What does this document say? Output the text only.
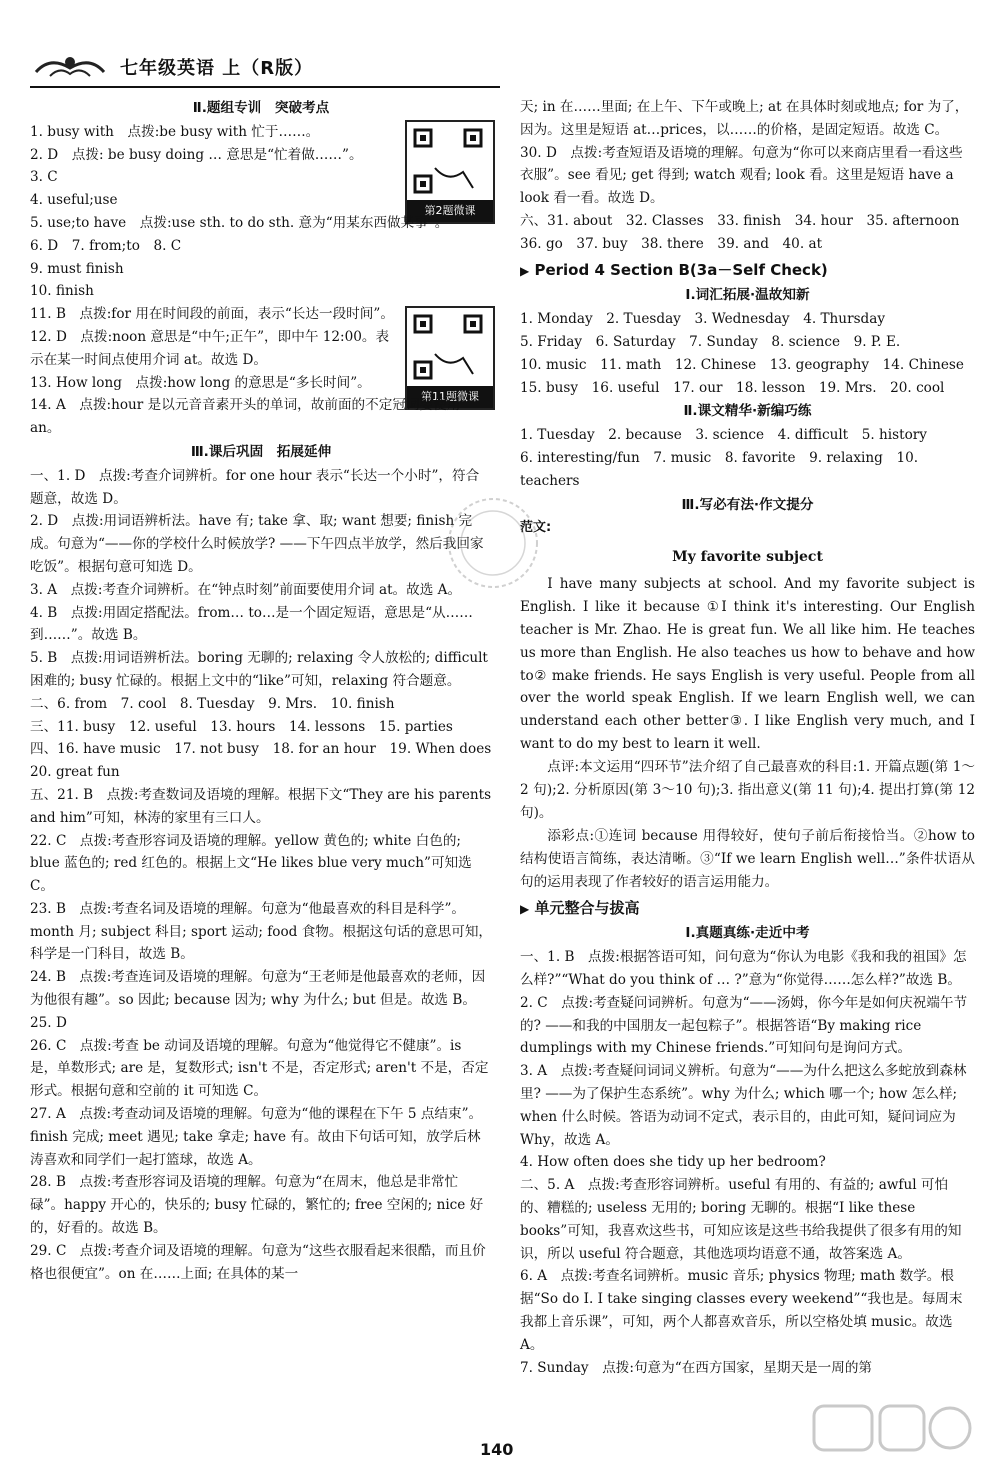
七年级英语 上（R版）
第2题微课
第11题微课
Ⅱ.题组专训　突破考点

1. busy with　点拨:be busy with 忙于……。

2. D　点拨: be busy doing … 意思是“忙着做……”。

3. C

4. useful;use

5. use;to have　点拨:use sth. to do sth. 意为“用某东西做某事”。

6. D　7. from;to　8. C

9. must finish

10. finish

11. B　点拨:for 用在时间段的前面，表示“长达一段时间”。

12. D　点拨:noon 意思是“中午;正午”，即中午 12:00。表示在某一时间点使用介词 at。故选 D。

13. How long　点拨:how long 的意思是“多长时间”。

14. A　点拨:hour 是以元音音素开头的单词，故前面的不定冠词要使用 an。

Ⅲ.课后巩固　拓展延伸

一、1. D　点拨:考查介词辨析。for one hour 表示“长达一个小时”，符合题意，故选 D。

2. D　点拨:用词语辨析法。have 有; take 拿、取; want 想要; finish 完成。句意为“——你的学校什么时候放学? ——下午四点半放学，然后我回家吃饭”。根据句意可知选 D。

3. A　点拨:考查介词辨析。在“钟点时刻”前面要使用介词 at。故选 A。

4. B　点拨:用固定搭配法。from… to…是一个固定短语，意思是“从……到……”。故选 B。

5. B　点拨:用词语辨析法。boring 无聊的; relaxing 令人放松的; difficult 困难的; busy 忙碌的。根据上文中的“like”可知，relaxing 符合题意。

二、6. from　7. cool　8. Tuesday　9. Mrs.　10. finish

三、11. busy　12. useful　13. hours　14. lessons　15. parties

四、16. have music　17. not busy　18. for an hour　19. When does 20. great fun

五、21. B　点拨:考查数词及语境的理解。根据下文“They are his parents and him”可知，林涛的家里有三口人。

22. C　点拨:考查形容词及语境的理解。yellow 黄色的; white 白色的; blue 蓝色的; red 红色的。根据上文“He likes blue very much”可知选 C。

23. B　点拨:考查名词及语境的理解。句意为“他最喜欢的科目是科学”。month 月; subject 科目; sport 运动; food 食物。根据这句话的意思可知，科学是一门科目，故选 B。

24. B　点拨:考查连词及语境的理解。句意为“王老师是他最喜欢的老师，因为他很有趣”。so 因此; because 因为; why 为什么; but 但是。故选 B。

25. D

26. C　点拨:考查 be 动词及语境的理解。句意为“他觉得它不健康”。is 是，单数形式; are 是，复数形式; isn't 不是，否定形式; aren't 不是，否定形式。根据句意和空前的 it 可知选 C。

27. A　点拨:考查动词及语境的理解。句意为“他的课程在下午 5 点结束”。finish 完成; meet 遇见; take 拿走; have 有。故由下句话可知，放学后林涛喜欢和同学们一起打篮球，故选 A。

28. B　点拨:考查形容词及语境的理解。句意为“在周末，他总是非常忙碌”。happy 开心的，快乐的; busy 忙碌的，繁忙的; free 空闲的; nice 好的，好看的。故选 B。

29. C　点拨:考查介词及语境的理解。句意为“这些衣服看起来很酷，而且价格也很便宜”。on 在……上面; 在具体的某一

天; in 在……里面; 在上午、下午或晚上; at 在具体时刻或地点; for 为了，因为。这里是短语 at…prices，以……的价格，是固定短语。故选 C。

30. D　点拨:考查短语及语境的理解。句意为“你可以来商店里看一看这些衣服”。see 看见; get 得到; watch 观看; look 看。这里是短语 have a look 看一看。故选 D。

六、31. about　32. Classes　33. finish　34. hour　35. afternoon

36. go　37. buy　38. there　39. and　40. at

▶ Period 4 Section B(3a－Self Check)
Ⅰ.词汇拓展·温故知新

1. Monday　2. Tuesday　3. Wednesday　4. Thursday

5. Friday　6. Saturday　7. Sunday　8. science　9. P. E.

10. music　11. math　12. Chinese　13. geography　14. Chinese

15. busy　16. useful　17. our　18. lesson　19. Mrs.　20. cool

Ⅱ.课文精华·新编巧练

1. Tuesday　2. because　3. science　4. difficult　5. history

6. interesting/fun　7. music　8. favorite　9. relaxing　10. teachers

Ⅲ.写必有法·作文提分

范文:

My favorite subject

I have many subjects at school. And my favorite subject is English. I like it because ①I think it's interesting. Our English teacher is Mr. Zhao. He is great fun. We all like him. He teaches us more than English. He also teaches us how to behave and how to② make friends. He says English is very useful. People from all over the world speak English. If we learn English well, we can understand each other better③. I like English very much, and I want to do my best to learn it well.

点评:本文运用“四环节”法介绍了自己最喜欢的科目:1. 开篇点题(第 1～2 句);2. 分析原因(第 3～10 句);3. 指出意义(第 11 句);4. 提出打算(第 12 句)。

添彩点:①连词 because 用得较好，使句子前后衔接恰当。②how to 结构使语言简练，表达清晰。③“If we learn English well…”条件状语从句的运用表现了作者较好的语言运用能力。

▶ 单元整合与拔高
Ⅰ.真题真练·走近中考

一、1. B　点拨:根据答语可知，问句意为“你认为电影《我和我的祖国》怎么样?”“What do you think of … ?”意为“你觉得……怎么样?”故选 B。

2. C　点拨:考查疑问词辨析。句意为“——汤姆，你今年是如何庆祝端午节的? ——和我的中国朋友一起包粽子”。根据答语“By making rice dumplings with my Chinese friends.”可知问句是询问方式。

3. A　点拨:考查疑问词词义辨析。句意为“——为什么把这么多蛇放到森林里? ——为了保护生态系统”。why 为什么; which 哪一个; how 怎么样; when 什么时候。答语为动词不定式，表示目的，由此可知，疑问词应为 Why，故选 A。

4. How often does she tidy up her bedroom?

二、5. A　点拨:考查形容词辨析。useful 有用的、有益的; awful 可怕的、糟糕的; useless 无用的; boring 无聊的。根据“I like these books”可知，我喜欢这些书，可知应该是这些书给我提供了很多有用的知识，所以 useful 符合题意，其他选项均语意不通，故答案选 A。

6. A　点拨:考查名词辨析。music 音乐; physics 物理; math 数学。根据“So do I. I take singing classes every weekend”“我也是。每周末我都上音乐课”，可知，两个人都喜欢音乐，所以空格处填 music。故选 A。

7. Sunday　点拨:句意为“在西方国家，星期天是一周的第

140
